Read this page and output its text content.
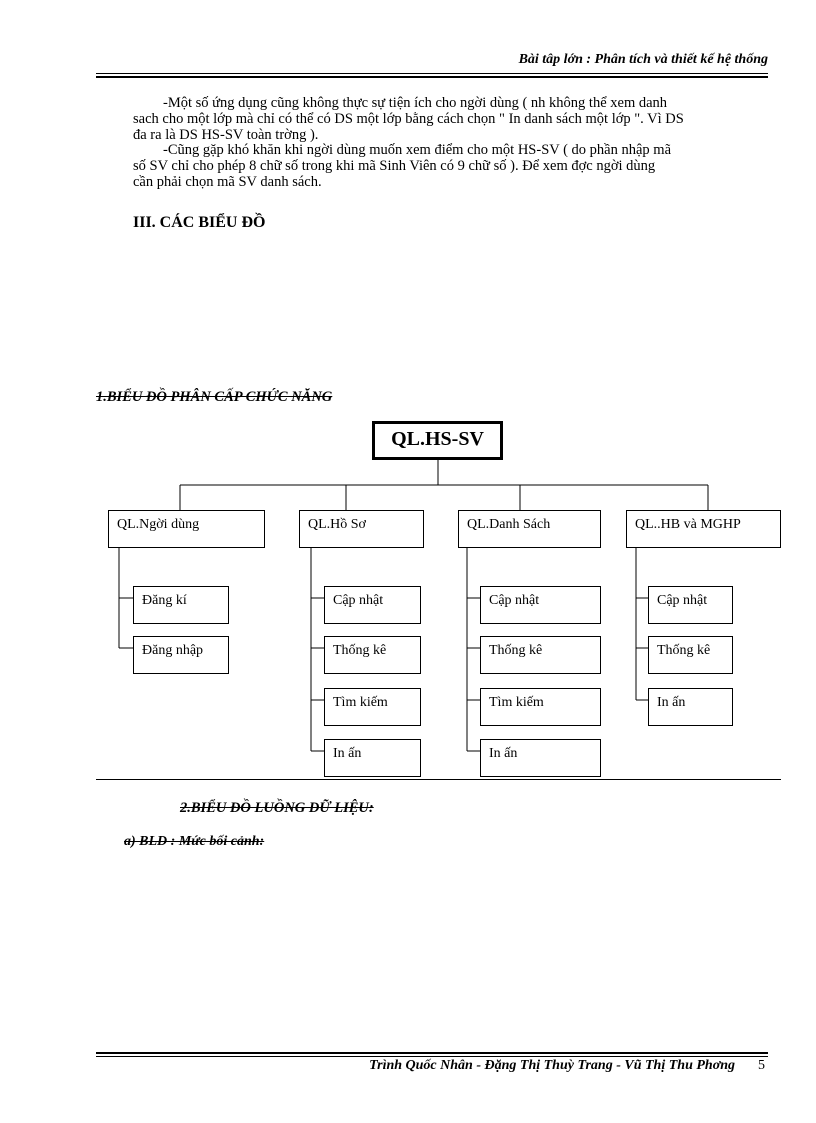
Bài tâp lớn : Phân tích và thiết kế hệ thống
-Một số ứng dụng cũng không thực sự tiện ích cho ngời dùng ( nh không thể xem danh
sach cho một lớp mà chỉ có thể có DS một lớp bằng cách chọn " In danh sách một lớp ". Vì DS
đa ra là DS HS-SV toàn trờng ).
-Cũng gặp khó khăn khi ngời dùng muốn xem điểm cho một HS-SV ( do phần nhập mã
số SV chỉ cho phép 8 chữ số trong khi mã Sinh Viên có 9 chữ số ). Để xem đợc ngời dùng
cần phải chọn mã SV danh sách.
III. CÁC BIỂU ĐỒ
1.BIỂU ĐỒ PHÂN CẤP CHỨC NĂNG
QL.HS-SV
QL.Ngời dùng	QL.Hồ Sơ	QL.Danh Sách	QL..HB và MGHP
Đăng kí
Đăng nhập
Cập nhật
Thống kê
Tìm kiếm
In ấn
Cập nhật
Thống kê
Tìm kiếm
In ấn
Cập nhật
Thống kê
In ấn
2.BIỂU ĐỒ LUỒNG DỮ LIỆU:
a) BLD : Mức bối cảnh:
Trình Quốc Nhân - Đặng Thị Thuỳ Trang - Vũ Thị Thu Phơng 5
